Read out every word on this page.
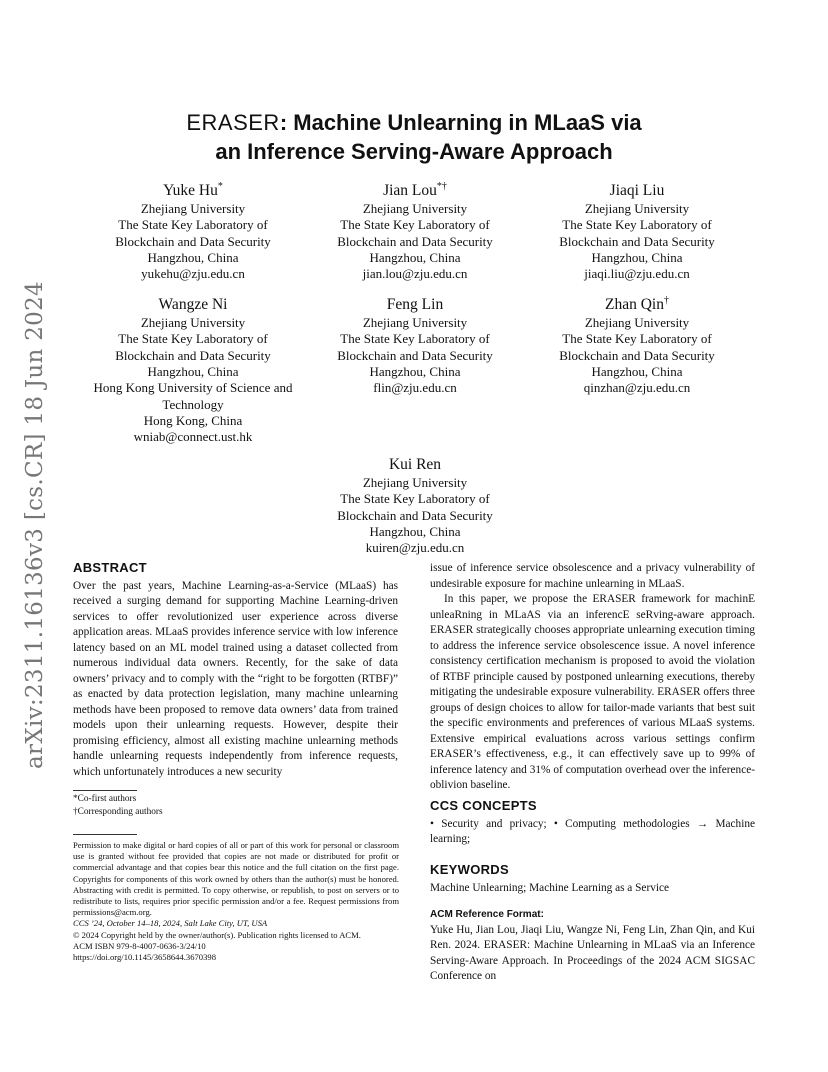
arXiv:2311.16136v3 [cs.CR] 18 Jun 2024
ERASER: Machine Unlearning in MLaaS via
an Inference Serving-Aware Approach
Yuke Hu*
Zhejiang University
The State Key Laboratory of
Blockchain and Data Security
Hangzhou, China
yukehu@zju.edu.cn
Jian Lou*†
Zhejiang University
The State Key Laboratory of
Blockchain and Data Security
Hangzhou, China
jian.lou@zju.edu.cn
Jiaqi Liu
Zhejiang University
The State Key Laboratory of
Blockchain and Data Security
Hangzhou, China
jiaqi.liu@zju.edu.cn
Wangze Ni
Zhejiang University
The State Key Laboratory of
Blockchain and Data Security
Hangzhou, China
Hong Kong University of Science and
Technology
Hong Kong, China
wniab@connect.ust.hk
Feng Lin
Zhejiang University
The State Key Laboratory of
Blockchain and Data Security
Hangzhou, China
flin@zju.edu.cn
Zhan Qin†
Zhejiang University
The State Key Laboratory of
Blockchain and Data Security
Hangzhou, China
qinzhan@zju.edu.cn
Kui Ren
Zhejiang University
The State Key Laboratory of
Blockchain and Data Security
Hangzhou, China
kuiren@zju.edu.cn
ABSTRACT

Over the past years, Machine Learning-as-a-Service (MLaaS) has received a surging demand for supporting Machine Learning-driven services to offer revolutionized user experience across diverse application areas. MLaaS provides inference service with low inference latency based on an ML model trained using a dataset collected from numerous individual data owners. Recently, for the sake of data owners’ privacy and to comply with the “right to be forgotten (RTBF)” as enacted by data protection legislation, many machine unlearning methods have been proposed to remove data owners’ data from trained models upon their unlearning requests. However, despite their promising efficiency, almost all existing machine unlearning methods handle unlearning requests independently from inference requests, which unfortunately introduces a new security

*Co-first authors
†Corresponding authors
Permission to make digital or hard copies of all or part of this work for personal or classroom use is granted without fee provided that copies are not made or distributed for profit or commercial advantage and that copies bear this notice and the full citation on the first page. Copyrights for components of this work owned by others than the author(s) must be honored. Abstracting with credit is permitted. To copy otherwise, or republish, to post on servers or to redistribute to lists, requires prior specific permission and/or a fee. Request permissions from permissions@acm.org.
CCS ’24, October 14–18, 2024, Salt Lake City, UT, USA
© 2024 Copyright held by the owner/author(s). Publication rights licensed to ACM.
ACM ISBN 979-8-4007-0636-3/24/10
https://doi.org/10.1145/3658644.3670398

issue of inference service obsolescence and a privacy vulnerability of undesirable exposure for machine unlearning in MLaaS.

In this paper, we propose the ERASER framework for machinE unleaRning in MLaAS via an inferencE seRving-aware approach. ERASER strategically chooses appropriate unlearning execution timing to address the inference service obsolescence issue. A novel inference consistency certification mechanism is proposed to avoid the violation of RTBF principle caused by postponed unlearning executions, thereby mitigating the undesirable exposure vulnerability. ERASER offers three groups of design choices to allow for tailor-made variants that best suit the specific environments and preferences of various MLaaS systems. Extensive empirical evaluations across various settings confirm ERASER’s effectiveness, e.g., it can effectively save up to 99% of inference latency and 31% of computation overhead over the inference-oblivion baseline.

CCS CONCEPTS

• Security and privacy; • Computing methodologies → Machine learning;

KEYWORDS

Machine Unlearning; Machine Learning as a Service

ACM Reference Format:

Yuke Hu, Jian Lou, Jiaqi Liu, Wangze Ni, Feng Lin, Zhan Qin, and Kui Ren. 2024. ERASER: Machine Unlearning in MLaaS via an Inference Serving-Aware Approach. In Proceedings of the 2024 ACM SIGSAC Conference on
